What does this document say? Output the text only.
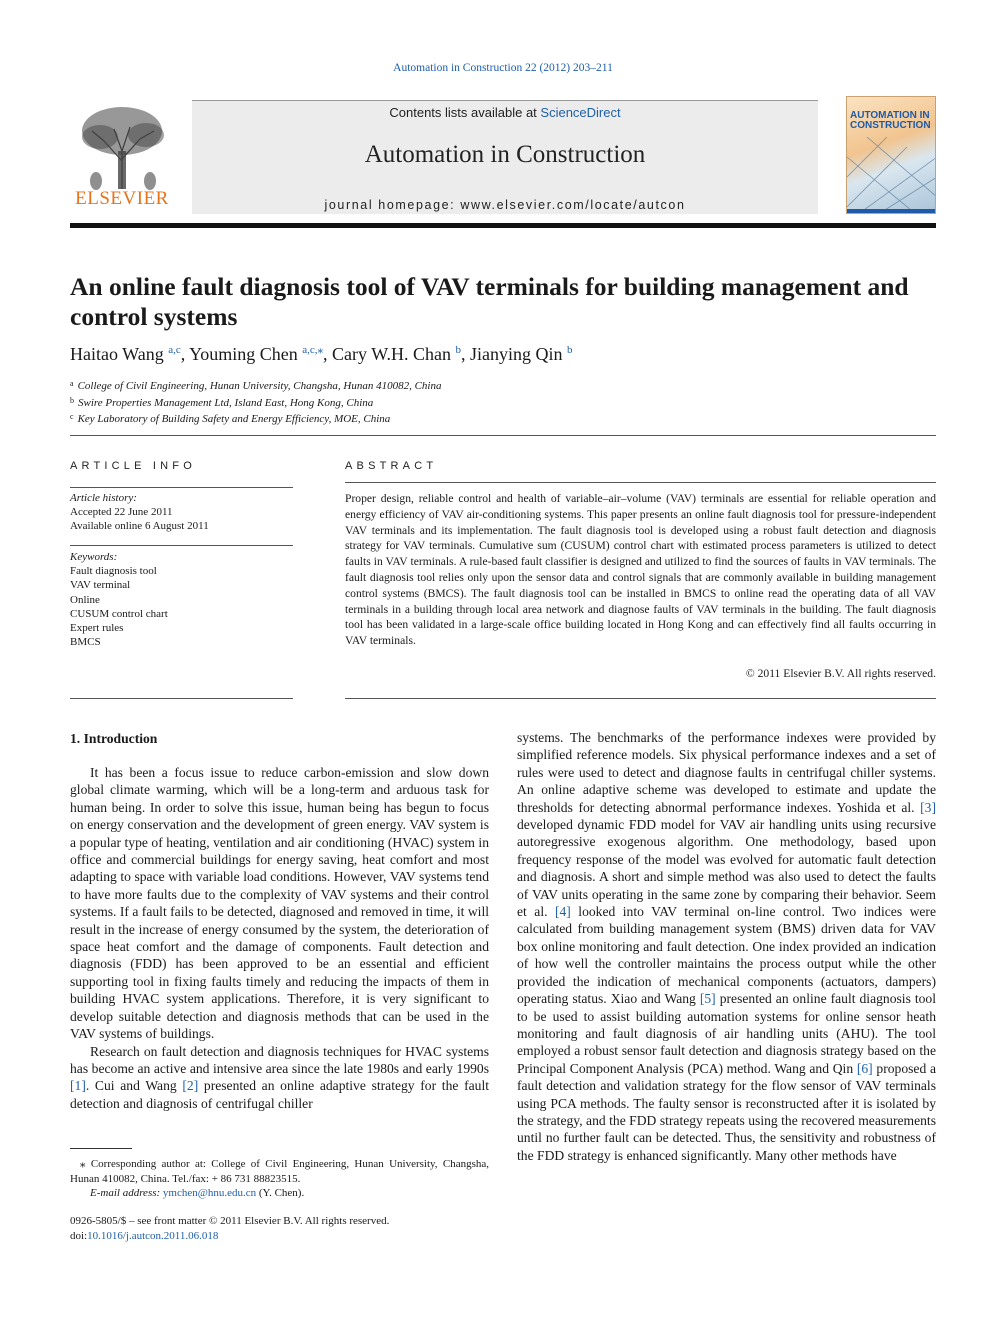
Automation in Construction 22 (2012) 203–211
ELSEVIER
Contents lists available at ScienceDirect
Automation in Construction
journal homepage: www.elsevier.com/locate/autcon
AUTOMATION IN
CONSTRUCTION
An online fault diagnosis tool of VAV terminals for building management and control systems
Haitao Wang $^{a,c}$, Youming Chen $^{a,c,⁎}$, Cary W.H. Chan $^b$, Jianying Qin $^b$
$^a$ College of Civil Engineering, Hunan University, Changsha, Hunan 410082, China
$^b$ Swire Properties Management Ltd, Island East, Hong Kong, China
$^c$ Key Laboratory of Building Safety and Energy Efficiency, MOE, China
ARTICLE INFO	ABSTRACT
Article history:
Accepted 22 June 2011
Available online 6 August 2011
Keywords:
Fault diagnosis tool
VAV terminal
Online
CUSUM control chart
Expert rules
BMCS
Proper design, reliable control and health of variable–air–volume (VAV) terminals are essential for reliable operation and energy efficiency of VAV air-conditioning systems. This paper presents an online fault diagnosis tool for pressure-independent VAV terminals and its implementation. The fault diagnosis tool is developed using a robust fault detection and diagnosis strategy for VAV terminals. Cumulative sum (CUSUM) control chart with estimated process parameters is utilized to detect faults in VAV terminals. A rule-based fault classifier is designed and utilized to find the sources of faults in VAV terminals. The fault diagnosis tool relies only upon the sensor data and control signals that are commonly available in building management control systems (BMCS). The fault diagnosis tool can be installed in BMCS to online read the operating data of all VAV terminals in a building through local area network and diagnose faults of VAV terminals in the building. The fault diagnosis tool has been validated in a large-scale office building located in Hong Kong and can effectively find all faults occurring in VAV terminals.
© 2011 Elsevier B.V. All rights reserved.
1. Introduction

It has been a focus issue to reduce carbon-emission and slow down global climate warming, which will be a long-term and arduous task for human being. In order to solve this issue, human being has begun to focus on energy conservation and the development of green energy. VAV system is a popular type of heating, ventilation and air conditioning (HVAC) system in office and commercial buildings for energy saving, heat comfort and most adapting to space with variable load conditions. However, VAV systems tend to have more faults due to the complexity of VAV systems and their control systems. If a fault fails to be detected, diagnosed and removed in time, it will result in the increase of energy consumed by the system, the deterioration of space heat comfort and the damage of components. Fault detection and diagnosis (FDD) has been approved to be an essential and efficient supporting tool in fixing faults timely and reducing the impacts of them in building HVAC system applications. Therefore, it is very significant to develop suitable detection and diagnosis methods that can be used in the VAV systems of buildings.

Research on fault detection and diagnosis techniques for HVAC systems has become an active and intensive area since the late 1980s and early 1990s [1]. Cui and Wang [2] presented an online adaptive strategy for the fault detection and diagnosis of centrifugal chiller

systems. The benchmarks of the performance indexes were provided by simplified reference models. Six physical performance indexes and a set of rules were used to detect and diagnose faults in centrifugal chiller systems. An online adaptive scheme was developed to estimate and update the thresholds for detecting abnormal performance indexes. Yoshida et al. [3] developed dynamic FDD model for VAV air handling units using recursive autoregressive exogenous algorithm. One methodology, based upon frequency response of the model was evolved for automatic fault detection and diagnosis. A short and simple method was also used to detect the faults of VAV units operating in the same zone by comparing their behavior. Seem et al. [4] looked into VAV terminal on-line control. Two indices were calculated from building management system (BMS) driven data for VAV box online monitoring and fault detection. One index provided an indication of how well the controller maintains the process output while the other provided the indication of mechanical components (actuators, dampers) operating status. Xiao and Wang [5] presented an online fault diagnosis tool to be used to assist building automation systems for online sensor heath monitoring and fault diagnosis of air handling units (AHU). The tool employed a robust sensor fault detection and diagnosis strategy based on the Principal Component Analysis (PCA) method. Wang and Qin [6] proposed a fault detection and validation strategy for the flow sensor of VAV terminals using PCA methods. The faulty sensor is reconstructed after it is isolated by the strategy, and the FDD strategy repeats using the recovered measurements until no further fault can be detected. Thus, the sensitivity and robustness of the FDD strategy is enhanced significantly. Many other methods have

⁎ Corresponding author at: College of Civil Engineering, Hunan University, Changsha, Hunan 410082, China. Tel./fax: + 86 731 88823515.
E-mail address: ymchen@hnu.edu.cn (Y. Chen).
0926-5805/$ – see front matter © 2011 Elsevier B.V. All rights reserved.
doi:10.1016/j.autcon.2011.06.018
